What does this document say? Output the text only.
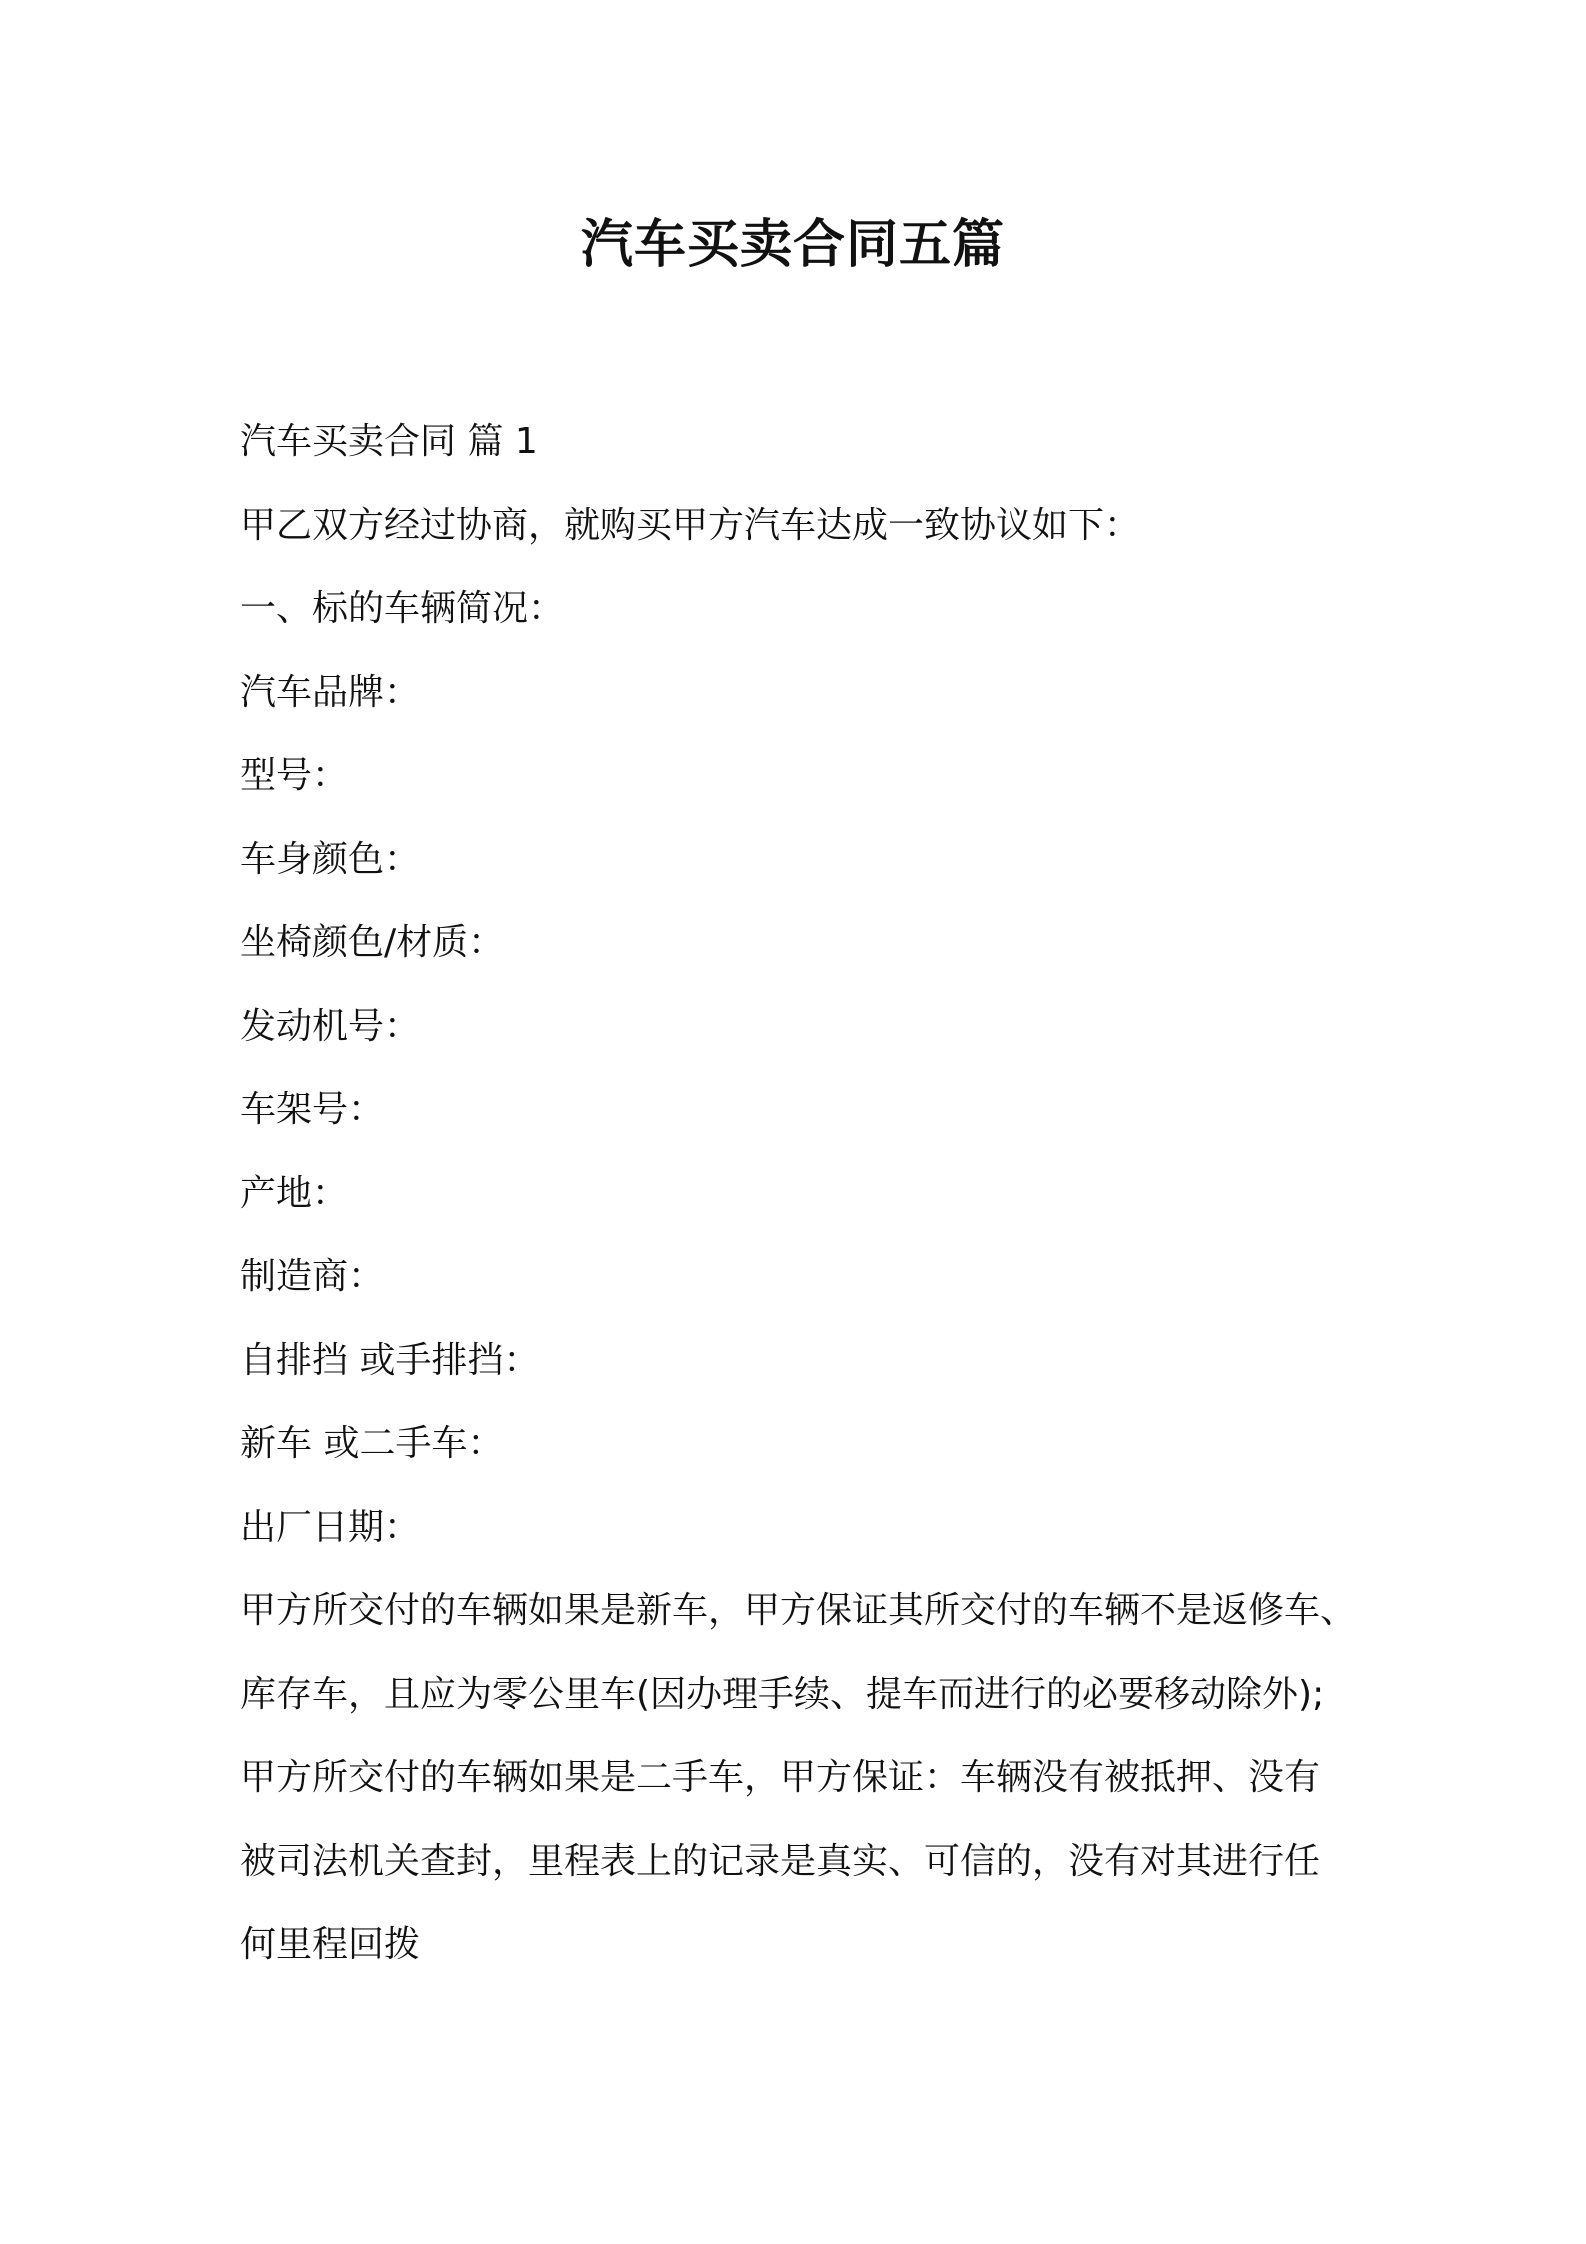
汽车买卖合同五篇
汽车买卖合同 篇 1
甲乙双方经过协商，就购买甲方汽车达成一致协议如下：
一、标的车辆简况：
汽车品牌：
型号：
车身颜色：
坐椅颜色/材质：
发动机号：
车架号：
产地：
制造商：
自排挡 或手排挡：
新车 或二手车：
出厂日期：
甲方所交付的车辆如果是新车，甲方保证其所交付的车辆不是返修车、
库存车，且应为零公里车(因办理手续、提车而进行的必要移动除外);
甲方所交付的车辆如果是二手车，甲方保证：车辆没有被抵押、没有
被司法机关查封，里程表上的记录是真实、可信的，没有对其进行任
何里程回拨
